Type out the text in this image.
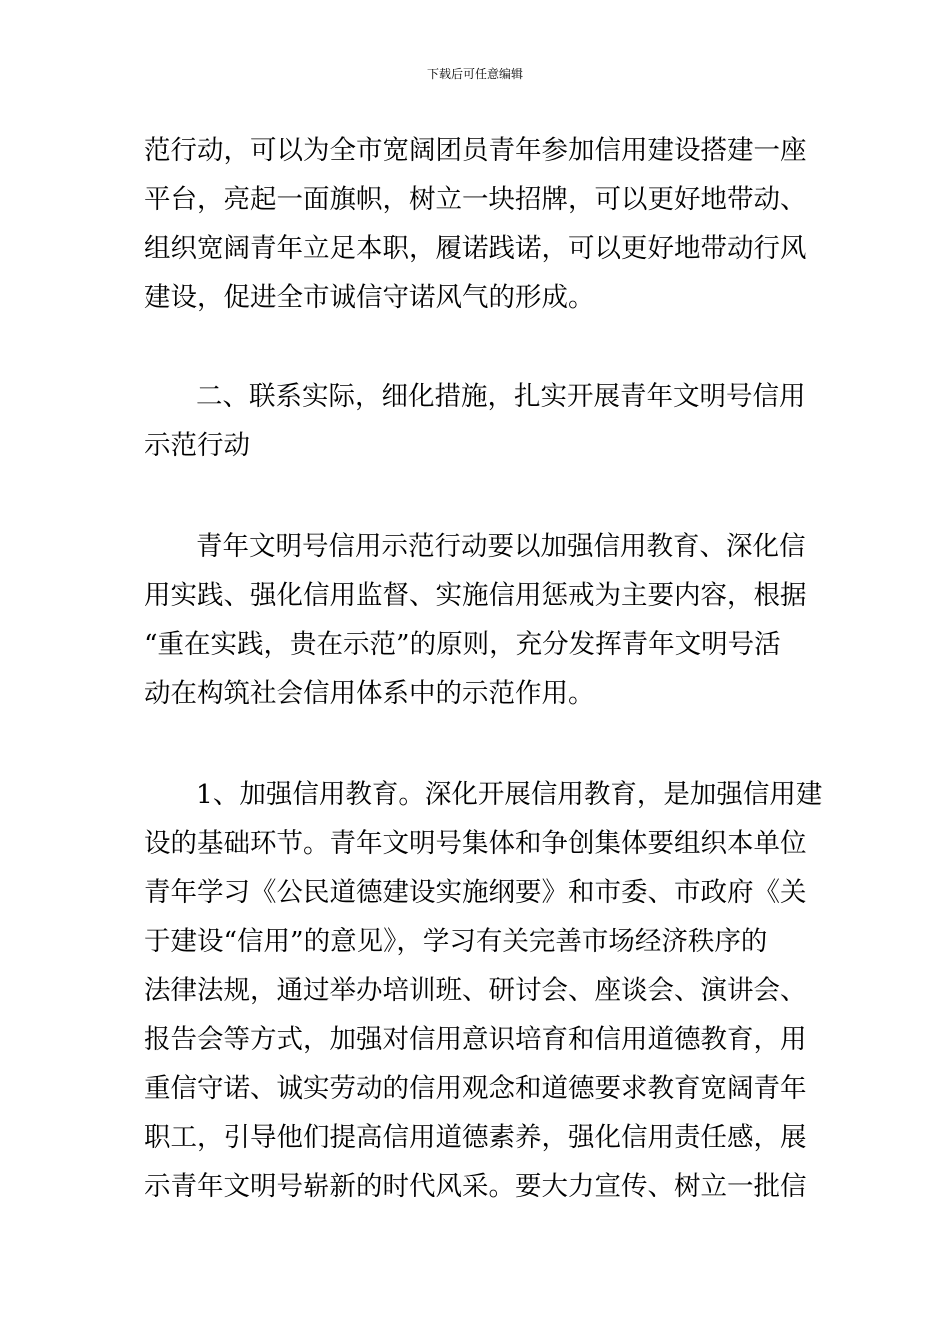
下载后可任意编辑
范行动，可以为全市宽阔团员青年参加信用建设搭建一座
平台，亮起一面旗帜，树立一块招牌，可以更好地带动、
组织宽阔青年立足本职，履诺践诺，可以更好地带动行风
建设，促进全市诚信守诺风气的形成。
二、联系实际，细化措施，扎实开展青年文明号信用
示范行动
青年文明号信用示范行动要以加强信用教育、深化信
用实践、强化信用监督、实施信用惩戒为主要内容，根据
“重在实践，贵在示范”的原则，充分发挥青年文明号活
动在构筑社会信用体系中的示范作用。
1、加强信用教育。深化开展信用教育，是加强信用建
设的基础环节。青年文明号集体和争创集体要组织本单位
青年学习《公民道德建设实施纲要》和市委、市政府《关
于建设“信用”的意见》，学习有关完善市场经济秩序的
法律法规，通过举办培训班、研讨会、座谈会、演讲会、
报告会等方式，加强对信用意识培育和信用道德教育，用
重信守诺、诚实劳动的信用观念和道德要求教育宽阔青年
职工，引导他们提高信用道德素养，强化信用责任感，展
示青年文明号崭新的时代风采。要大力宣传、树立一批信
